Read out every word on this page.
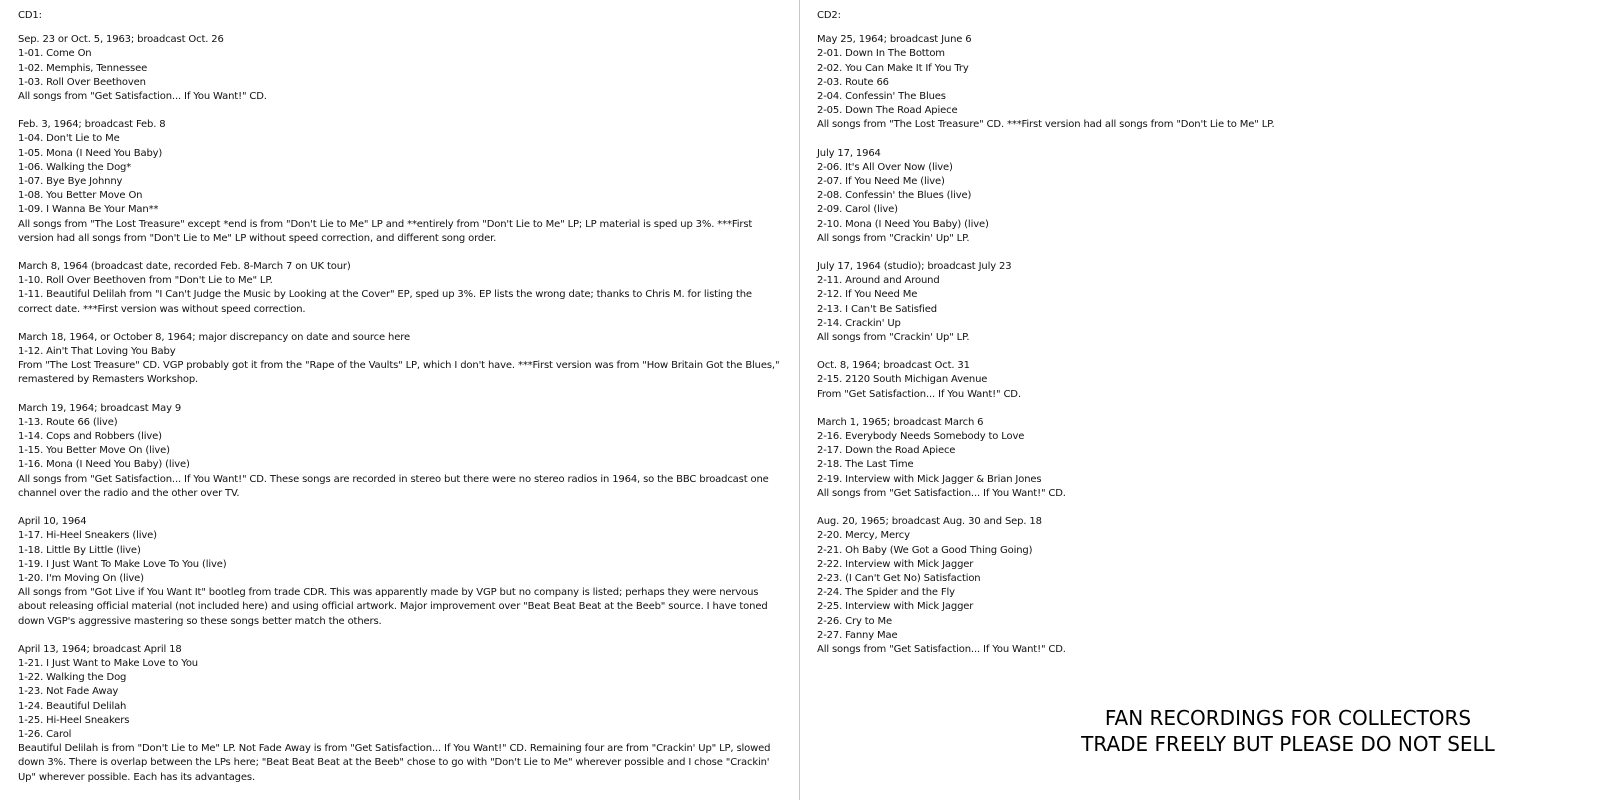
CD1:
Sep. 23 or Oct. 5, 1963; broadcast Oct. 26
1-01. Come On
1-02. Memphis, Tennessee
1-03. Roll Over Beethoven
All songs from "Get Satisfaction... If You Want!" CD.
Feb. 3, 1964; broadcast Feb. 8
1-04. Don't Lie to Me
1-05. Mona (I Need You Baby)
1-06. Walking the Dog*
1-07. Bye Bye Johnny
1-08. You Better Move On
1-09. I Wanna Be Your Man**
All songs from "The Lost Treasure" except *end is from "Don't Lie to Me" LP and **entirely from "Don't Lie to Me" LP; LP material is sped up 3%. ***First version had all songs from "Don't Lie to Me" LP without speed correction, and different song order.
March 8, 1964 (broadcast date, recorded Feb. 8-March 7 on UK tour)
1-10. Roll Over Beethoven from "Don't Lie to Me" LP.
1-11. Beautiful Delilah from "I Can't Judge the Music by Looking at the Cover" EP, sped up 3%. EP lists the wrong date; thanks to Chris M. for listing the correct date. ***First version was without speed correction.
March 18, 1964, or October 8, 1964; major discrepancy on date and source here
1-12. Ain't That Loving You Baby
From "The Lost Treasure" CD. VGP probably got it from the "Rape of the Vaults" LP, which I don't have. ***First version was from "How Britain Got the Blues," remastered by Remasters Workshop.
March 19, 1964; broadcast May 9
1-13. Route 66 (live)
1-14. Cops and Robbers (live)
1-15. You Better Move On (live)
1-16. Mona (I Need You Baby) (live)
All songs from "Get Satisfaction... If You Want!" CD. These songs are recorded in stereo but there were no stereo radios in 1964, so the BBC broadcast one channel over the radio and the other over TV.
April 10, 1964
1-17. Hi-Heel Sneakers (live)
1-18. Little By Little (live)
1-19. I Just Want To Make Love To You (live)
1-20. I'm Moving On (live)
All songs from "Got Live if You Want It" bootleg from trade CDR. This was apparently made by VGP but no company is listed; perhaps they were nervous about releasing official material (not included here) and using official artwork. Major improvement over "Beat Beat Beat at the Beeb" source. I have toned down VGP's aggressive mastering so these songs better match the others.
April 13, 1964; broadcast April 18
1-21. I Just Want to Make Love to You
1-22. Walking the Dog
1-23. Not Fade Away
1-24. Beautiful Delilah
1-25. Hi-Heel Sneakers
1-26. Carol
Beautiful Delilah is from "Don't Lie to Me" LP. Not Fade Away is from "Get Satisfaction... If You Want!" CD. Remaining four are from "Crackin' Up" LP, slowed down 3%. There is overlap between the LPs here; "Beat Beat Beat at the Beeb" chose to go with "Don't Lie to Me" wherever possible and I chose "Crackin' Up" wherever possible. Each has its advantages.
CD2:
May 25, 1964; broadcast June 6
2-01. Down In The Bottom
2-02. You Can Make It If You Try
2-03. Route 66
2-04. Confessin' The Blues
2-05. Down The Road Apiece
All songs from "The Lost Treasure" CD. ***First version had all songs from "Don't Lie to Me" LP.
July 17, 1964
2-06. It's All Over Now (live)
2-07. If You Need Me (live)
2-08. Confessin' the Blues (live)
2-09. Carol (live)
2-10. Mona (I Need You Baby) (live)
All songs from "Crackin' Up" LP.
July 17, 1964 (studio); broadcast July 23
2-11. Around and Around
2-12. If You Need Me
2-13. I Can't Be Satisfied
2-14. Crackin' Up
All songs from "Crackin' Up" LP.
Oct. 8, 1964; broadcast Oct. 31
2-15. 2120 South Michigan Avenue
From "Get Satisfaction... If You Want!" CD.
March 1, 1965; broadcast March 6
2-16. Everybody Needs Somebody to Love
2-17. Down the Road Apiece
2-18. The Last Time
2-19. Interview with Mick Jagger & Brian Jones
All songs from "Get Satisfaction... If You Want!" CD.
Aug. 20, 1965; broadcast Aug. 30 and Sep. 18
2-20. Mercy, Mercy
2-21. Oh Baby (We Got a Good Thing Going)
2-22. Interview with Mick Jagger
2-23. (I Can't Get No) Satisfaction
2-24. The Spider and the Fly
2-25. Interview with Mick Jagger
2-26. Cry to Me
2-27. Fanny Mae
All songs from "Get Satisfaction... If You Want!" CD.
FAN RECORDINGS FOR COLLECTORS
TRADE FREELY BUT PLEASE DO NOT SELL
